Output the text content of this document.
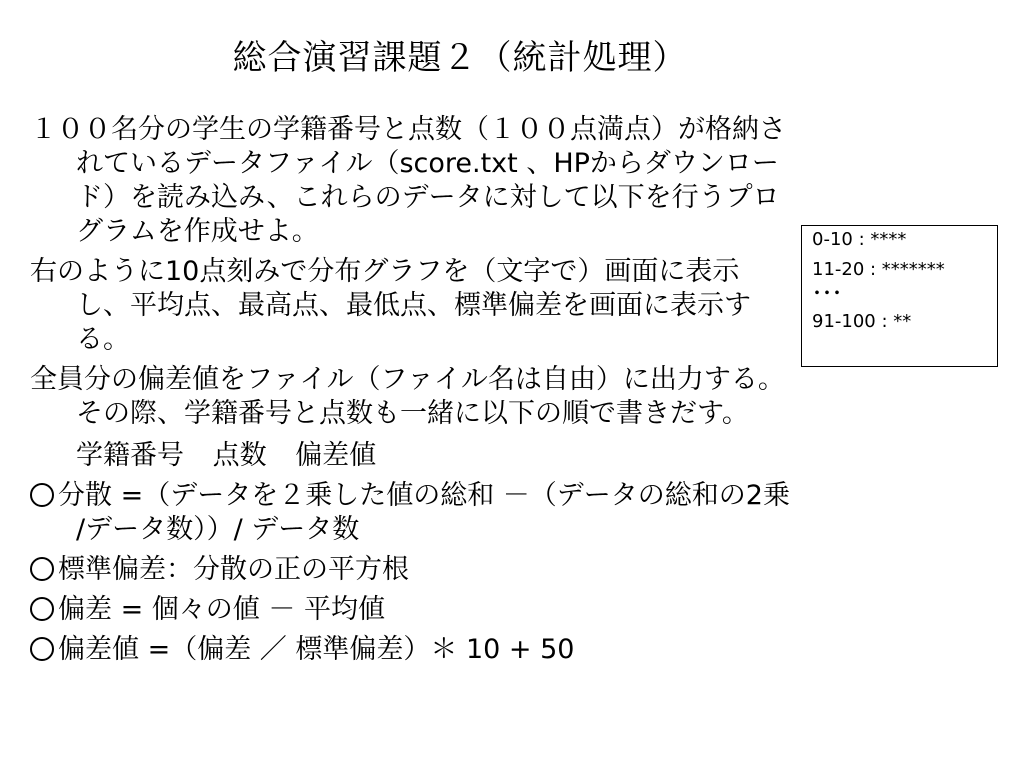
総合演習課題２（統計処理）

１００名分の学生の学籍番号と点数（１００点満点）が格納されているデータファイル（score.txt 、HPからダウンロード）を読み込み、これらのデータに対して以下を行うプログラムを作成せよ。

右のように10点刻みで分布グラフを（文字で）画面に表示し、平均点、最高点、最低点、標準偏差を画面に表示する。

全員分の偏差値をファイル（ファイル名は自由）に出力する。その際、学籍番号と点数も一緒に以下の順で書きだす。

学籍番号 点数 偏差値

分散 =（データを２乗した値の総和 －（データの総和の2乗 /データ数））/ データ数

標準偏差：分散の正の平方根

偏差 = 個々の値 － 平均値

偏差値 =（偏差 ／ 標準偏差）＊ 10 + 50

0-10 : ****

11-20 : *******

･･･

91-100 : **
